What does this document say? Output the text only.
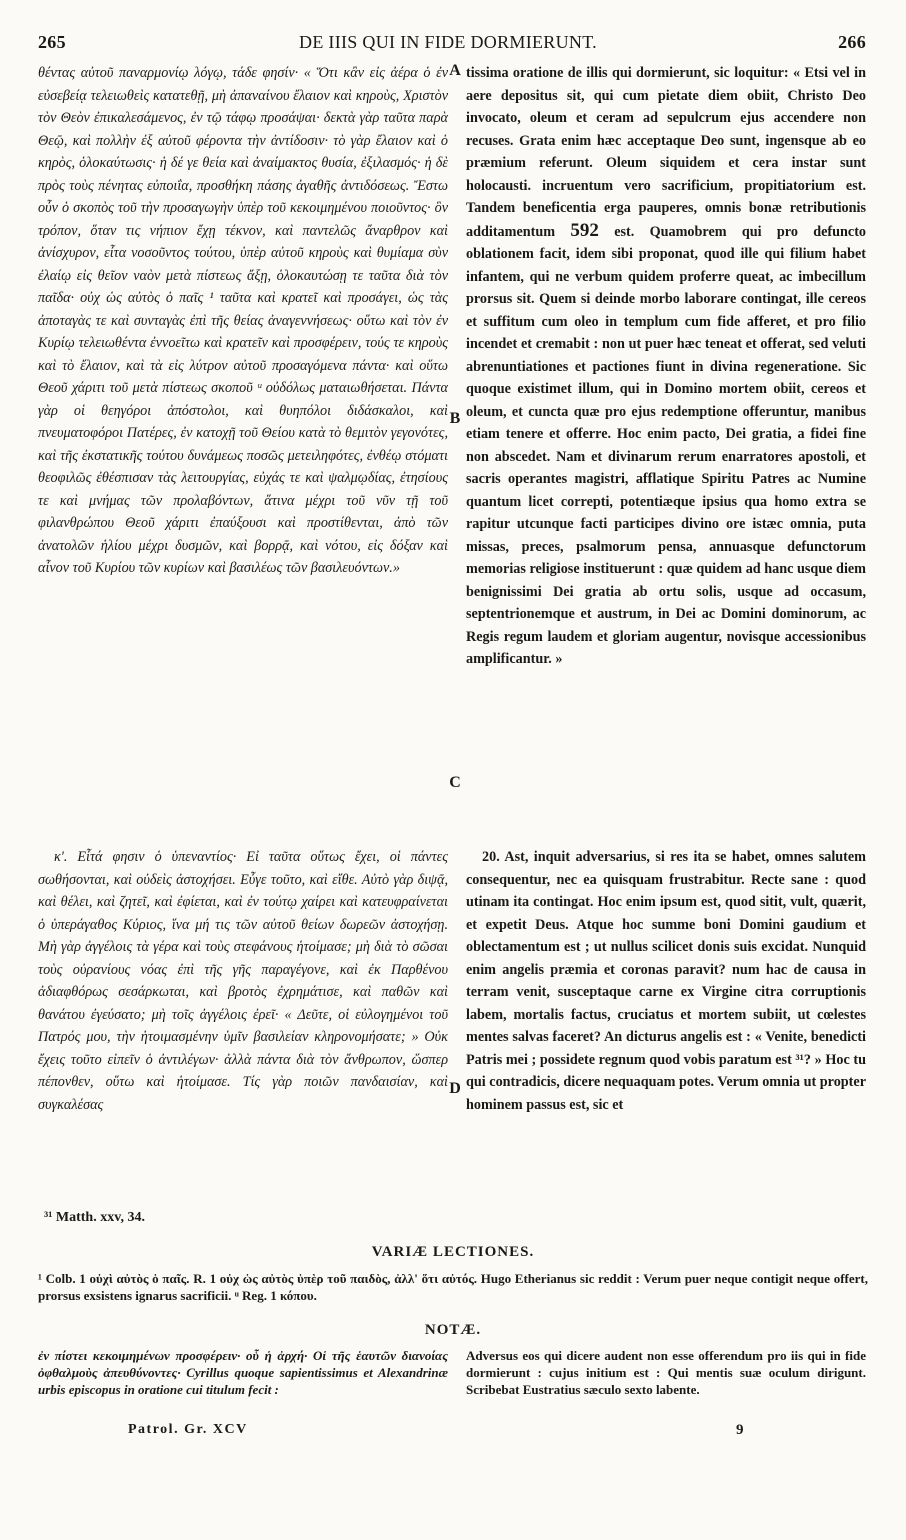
265	DE IIIS QUI IN FIDE DORMIERUNT.	266

θέντας αὐτοῦ παναρμονίῳ λόγῳ, τάδε φησίν· « Ὅτι κἂν εἰς ἀέρα ὁ ἐν εὐσεβείᾳ τελειωθεὶς κατατεθῇ, μὴ ἀπαναίνου ἔλαιον καὶ κηροὺς, Χριστὸν τὸν Θεὸν ἐπικαλεσάμενος, ἐν τῷ τάφῳ προσάψαι· δεκτὰ γὰρ ταῦτα παρὰ Θεῷ, καὶ πολλὴν ἐξ αὐτοῦ φέροντα τὴν ἀντίδοσιν· τὸ γὰρ ἔλαιον καὶ ὁ κηρὸς, ὁλοκαύτωσις· ἡ δέ γε θεία καὶ ἀναίμακτος θυσία, ἐξιλασμός· ἡ δὲ πρὸς τοὺς πένητας εὐποιΐα, προσθήκη πάσης ἀγαθῆς ἀντιδόσεως. Ἔστω οὖν ὁ σκοπὸς τοῦ τὴν προσαγωγὴν ὑπὲρ τοῦ κεκοιμημένου ποιοῦντος· ὃν τρόπον, ὅταν τις νήπιον ἔχῃ τέκνον, καὶ παντελῶς ἄναρθρον καὶ ἀνίσχυρον, εἶτα νοσοῦντος τούτου, ὑπὲρ αὐτοῦ κηροὺς καὶ θυμίαμα σὺν ἐλαίῳ εἰς θεῖον ναὸν μετὰ πίστεως ἄξῃ, ὁλοκαυτώσῃ τε ταῦτα διὰ τὸν παῖδα· οὐχ ὡς αὐτὸς ὁ παῖς ¹ ταῦτα καὶ κρατεῖ καὶ προσάγει, ὡς τὰς ἀποταγὰς τε καὶ συνταγὰς ἐπὶ τῆς θείας ἀναγεννήσεως· οὕτω καὶ τὸν ἐν Κυρίῳ τελειωθέντα ἐννοεῖτω καὶ κρατεῖν καὶ προσφέρειν, τούς τε κηροὺς καὶ τὸ ἔλαιον, καὶ τὰ εἰς λύτρον αὐτοῦ προσαγόμενα πάντα· καὶ οὕτω Θεοῦ χάριτι τοῦ μετὰ πίστεως σκοποῦ ᵘ οὐδόλως ματαιωθήσεται. Πάντα γὰρ οἱ θεηγόροι ἀπόστολοι, καὶ θυηπόλοι διδάσκαλοι, καὶ πνευματοφόροι Πατέρες, ἐν κατοχῇ τοῦ Θείου κατὰ τὸ θεμιτὸν γεγονότες, καὶ τῆς ἐκστατικῆς τούτου δυνάμεως ποσῶς μετειληφότες, ἐνθέῳ στόματι θεοφιλῶς ἐθέσπισαν τὰς λειτουργίας, εὐχάς τε καὶ ψαλμῳδίας, ἐτησίους τε καὶ μνήμας τῶν προλαβόντων, ἅτινα μέχρι τοῦ νῦν τῇ τοῦ φιλανθρώπου Θεοῦ χάριτι ἐπαύξουσι καὶ προστίθενται, ἀπὸ τῶν ἀνατολῶν ἡλίου μέχρι δυσμῶν, καὶ βορρᾷ, καὶ νότου, εἰς δόξαν καὶ αἶνον τοῦ Κυρίου τῶν κυρίων καὶ βασιλέως τῶν βασιλευόντων.»

κʹ. Εἶτά φησιν ὁ ὑπεναντίος· Εἰ ταῦτα οὕτως ἔχει, οἱ πάντες σωθήσονται, καὶ οὐδεὶς ἀστοχήσει. Εὖγε τοῦτο, καὶ εἴθε. Αὐτὸ γὰρ διψᾷ, καὶ θέλει, καὶ ζητεῖ, καὶ ἐφίεται, καὶ ἐν τούτῳ χαίρει καὶ κατευφραίνεται ὁ ὑπεράγαθος Κύριος, ἵνα μή τις τῶν αὐτοῦ θείων δωρεῶν ἀστοχήσῃ. Μὴ γὰρ ἀγγέλοις τὰ γέρα καὶ τοὺς στεφάνους ἡτοίμασε; μὴ διὰ τὸ σῶσαι τοὺς οὐρανίους νόας ἐπὶ τῆς γῆς παραγέγονε, καὶ ἐκ Παρθένου ἀδιαφθόρως σεσάρκωται, καὶ βροτὸς ἐχρημάτισε, καὶ παθῶν καὶ θανάτου ἐγεύσατο; μὴ τοῖς ἀγγέλοις ἐρεῖ· « Δεῦτε, οἱ εὐλογημένοι τοῦ Πατρός μου, τὴν ἡτοιμασμένην ὑμῖν βασιλείαν κληρονομήσατε; » Οὐκ ἔχεις τοῦτο εἰπεῖν ὁ ἀντιλέγων· ἀλλὰ πάντα διὰ τὸν ἄνθρωπον, ὥσπερ πέπονθεν, οὕτω καὶ ἡτοίμασε. Τίς γὰρ ποιῶν πανδαισίαν, καὶ συγκαλέσας

tissima oratione de illis qui dormierunt, sic loquitur: « Etsi vel in aere depositus sit, qui cum pietate diem obiit, Christo Deo invocato, oleum et ceram ad sepulcrum ejus accendere non recuses. Grata enim hæc acceptaque Deo sunt, ingensque ab eo præmium referunt. Oleum siquidem et cera instar sunt holocausti. incruentum vero sacrificium, propitiatorium est. Tandem beneficentia erga pauperes, omnis bonæ retributionis additamentum 592 est. Quamobrem qui pro defuncto oblationem facit, idem sibi proponat, quod ille qui filium habet infantem, qui ne verbum quidem proferre queat, ac imbecillum prorsus sit. Quem si deinde morbo laborare contingat, ille cereos et suffitum cum oleo in templum cum fide afferet, et pro filio incendet et cremabit : non ut puer hæc teneat et offerat, sed veluti abrenuntiationes et pactiones fiunt in divina regeneratione. Sic quoque existimet illum, qui in Domino mortem obiit, cereos et oleum, et cuncta quæ pro ejus redemptione offeruntur, manibus etiam tenere et offerre. Hoc enim pacto, Dei gratia, a fidei fine non abscedet. Nam et divinarum rerum enarratores apostoli, et sacris operantes magistri, afflatique Spiritu Patres ac Numine quantum licet correpti, potentiæque ipsius qua homo extra se rapitur utcunque facti participes divino ore istæc omnia, puta missas, preces, psalmorum pensa, annuasque defunctorum memorias religiose instituerunt : quæ quidem ad hanc usque diem benignissimi Dei gratia ab ortu solis, usque ad occasum, septentrionemque et austrum, in Dei ac Domini dominorum, ac Regis regum laudem et gloriam augentur, novisque accessionibus amplificantur. »

20. Ast, inquit adversarius, si res ita se habet, omnes salutem consequentur, nec ea quisquam frustrabitur. Recte sane : quod utinam ita contingat. Hoc enim ipsum est, quod sitit, vult, quærit, et expetit Deus. Atque hoc summe boni Domini gaudium et oblectamentum est ; ut nullus scilicet donis suis excidat. Nunquid enim angelis præmia et coronas paravit? num hac de causa in terram venit, susceptaque carne ex Virgine citra corruptionis labem, mortalis factus, cruciatus et mortem subiit, ut cœlestes mentes salvas faceret? An dicturus angelis est : « Venite, benedicti Patris mei ; possidete regnum quod vobis paratum est ³¹? » Hoc tu qui contradicis, dicere nequaquam potes. Verum omnia ut propter hominem passus est, sic et

A
B
C
D
³¹ Matth. xxv, 34.
VARIÆ LECTIONES.
¹ Colb. 1 οὐχὶ αὐτὸς ὁ παῖς. R. 1 οὐχ ὡς αὐτὸς ὑπὲρ τοῦ παιδὸς, ἀλλ' ὅτι αὐτός. Hugo Etherianus sic reddit : Verum puer neque contigit neque offert, prorsus exsistens ignarus sacrificii. ᵘ Reg. 1 κόπου.
NOTÆ.
ἐν πίστει κεκοιμημένων προσφέρειν· οὗ ἡ ἀρχή· Οἱ τῆς ἑαυτῶν διανοίας ὀφθαλμοὺς ἀπευθύνοντες· Cyrillus quoque sapientissimus et Alexandrinæ urbis episcopus in oratione cui titulum fecit :
Adversus eos qui dicere audent non esse offerendum pro iis qui in fide dormierunt : cujus initium est : Qui mentis suæ oculum dirigunt. Scribebat Eustratius sæculo sexto labente.
Patrol. Gr. XCV	9
